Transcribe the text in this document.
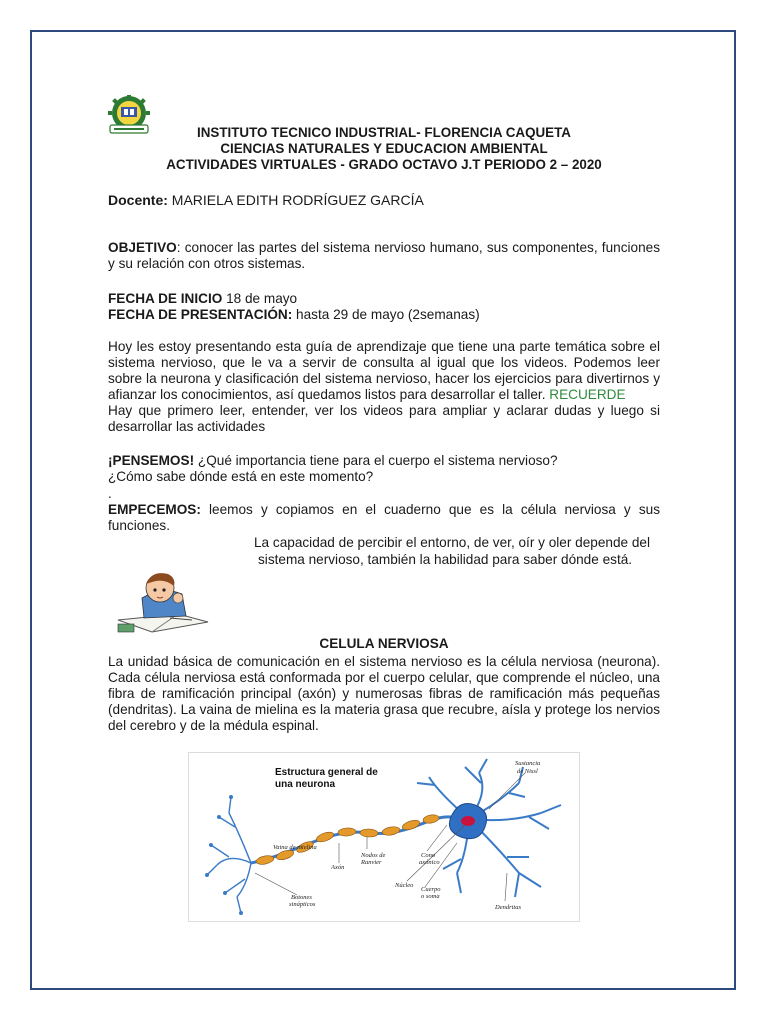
INSTITUTO TECNICO INDUSTRIAL- FLORENCIA CAQUETA
CIENCIAS NATURALES Y EDUCACION AMBIENTAL
ACTIVIDADES VIRTUALES - GRADO OCTAVO J.T PERIODO 2 – 2020

Docente: MARIELA EDITH RODRÍGUEZ GARCÍA

OBJETIVO: conocer las partes del sistema nervioso humano, sus componentes, funciones y su relación con otros sistemas.

FECHA DE INICIO 18 de mayo

FECHA DE PRESENTACIÓN: hasta 29 de mayo (2semanas)

Hoy les estoy presentando esta guía de aprendizaje que tiene una parte temática sobre el sistema nervioso, que le va a servir de consulta al igual que los videos. Podemos leer sobre la neurona y clasificación del sistema nervioso, hacer los ejercicios para divertirnos y afianzar los conocimientos, así quedamos listos para desarrollar el taller. RECUERDE
Hay que primero leer, entender, ver los videos para ampliar y aclarar dudas y luego si desarrollar las actividades

¡PENSEMOS! ¿Qué importancia tiene para el cuerpo el sistema nervioso?

¿Cómo sabe dónde está en este momento?

.

EMPECEMOS: leemos y copiamos en el cuaderno que es la célula nerviosa y sus funciones.

La capacidad de percibir el entorno, de ver, oír y oler depende del

sistema nervioso, también la habilidad para saber dónde está.

CELULA NERVIOSA

La unidad básica de comunicación en el sistema nervioso es la célula nerviosa (neurona). Cada célula nerviosa está conformada por el cuerpo celular, que comprende el núcleo, una fibra de ramificación principal (axón) y numerosas fibras de ramificación más pequeñas (dendritas). La vaina de mielina es la materia grasa que recubre, aísla y protege los nervios del cerebro y de la médula espinal.

Estructura general de
una neurona
Sustancia
de Nissl
Vaina de mielina
Axón
Nodos de
Ranvier
Cono
axónico
Núcleo
Cuerpo
o soma
Dendritas
Botones
sinápticos
